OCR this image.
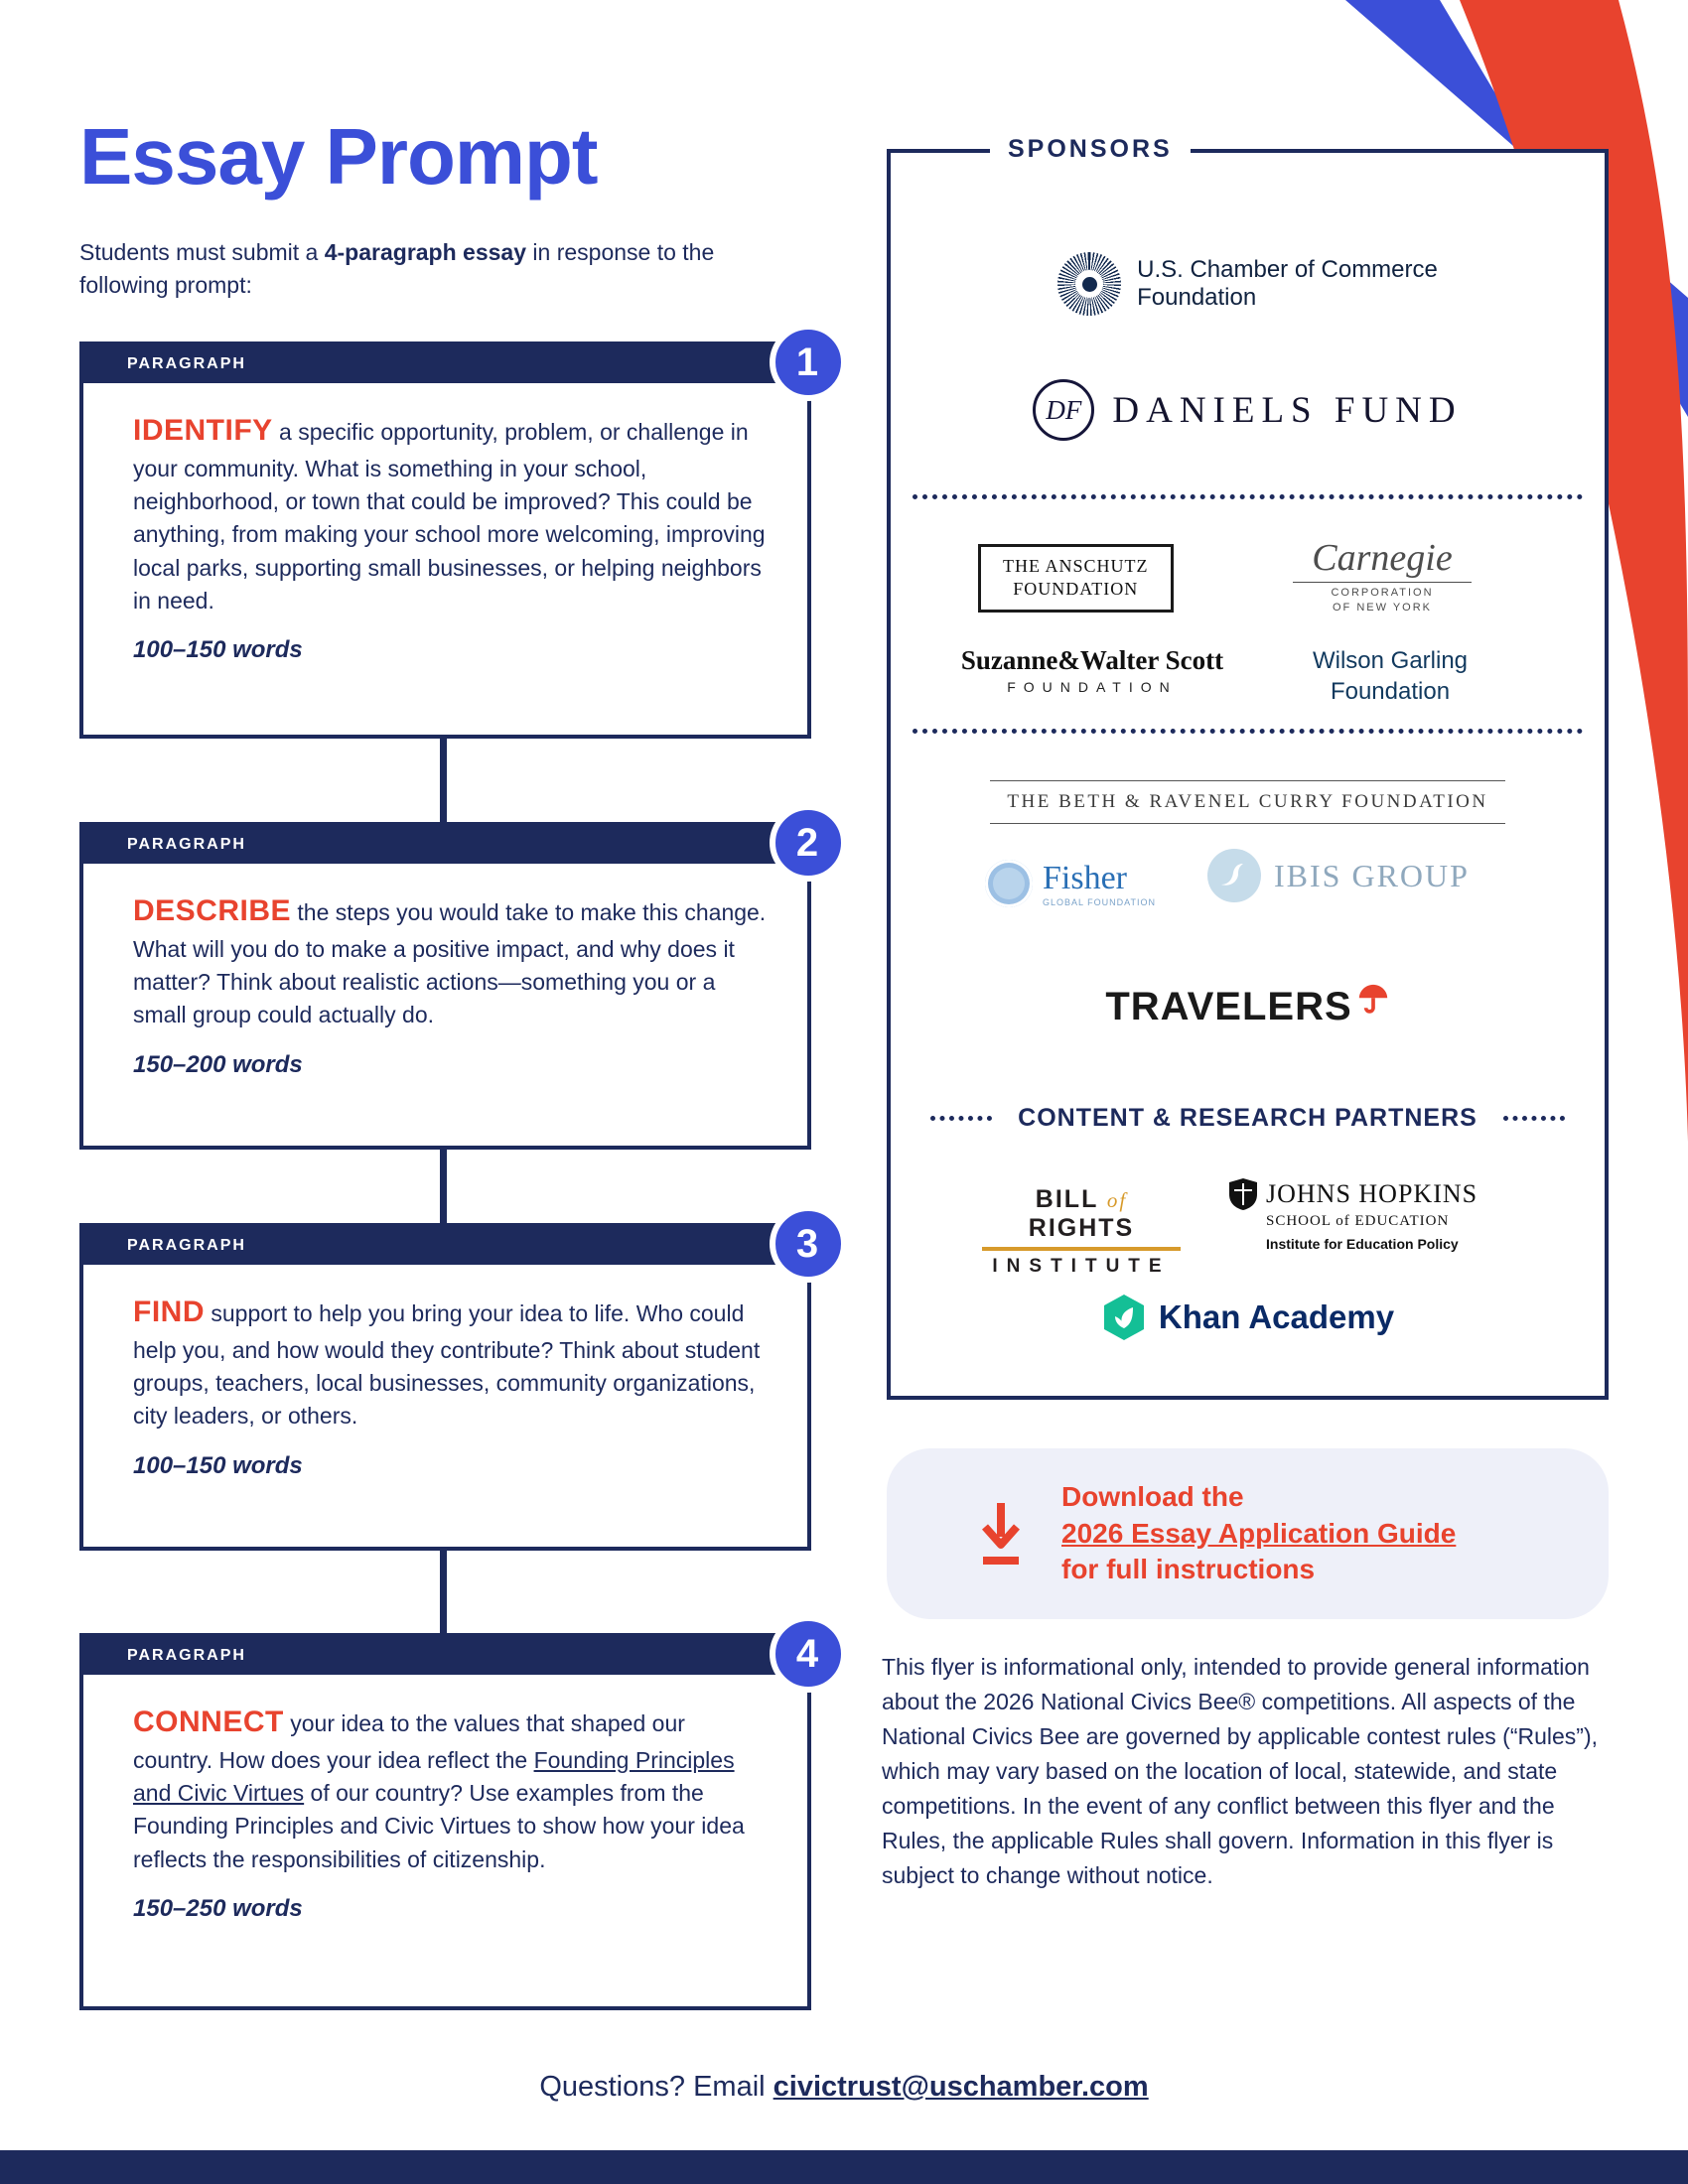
Essay Prompt
Students must submit a 4-paragraph essay in response to the following prompt:
PARAGRAPH	1
IDENTIFY a specific opportunity, problem, or challenge in your community. What is something in your school, neighborhood, or town that could be improved? This could be anything, from making your school more welcoming, improving local parks, supporting small businesses, or helping neighbors in need.
100–150 words
PARAGRAPH	2
DESCRIBE the steps you would take to make this change. What will you do to make a positive impact, and why does it matter? Think about realistic actions—something you or a small group could actually do.
150–200 words
PARAGRAPH	3
FIND support to help you bring your idea to life. Who could help you, and how would they contribute? Think about student groups, teachers, local businesses, community organizations, city leaders, or others.
100–150 words
PARAGRAPH	4
CONNECT your idea to the values that shaped our country. How does your idea reflect the Founding Principles and Civic Virtues of our country? Use examples from the Founding Principles and Civic Virtues to show how your idea reflects the responsibilities of citizenship.
150–250 words
SPONSORS
U.S. Chamber of Commerce
Foundation
DF DANIELS FUND
THE ANSCHUTZ
FOUNDATION
Carnegie
CORPORATION
OF NEW YORK
Suzanne&Walter Scott
FOUNDATION
Wilson Garling
Foundation
THE BETH & RAVENEL CURRY FOUNDATION
Fisher
GLOBAL FOUNDATION
IBIS GROUP
TRAVELERS
CONTENT & RESEARCH PARTNERS
BILL of RIGHTS
INSTITUTE
JOHNS HOPKINS
SCHOOL of EDUCATION
Institute for Education Policy
Khan Academy
Download the
2026 Essay Application Guide
for full instructions
This flyer is informational only, intended to provide general information about the 2026 National Civics Bee® competitions. All aspects of the National Civics Bee are governed by applicable contest rules (“Rules”), which may vary based on the location of local, statewide, and state competitions. In the event of any conflict between this flyer and the Rules, the applicable Rules shall govern. Information in this flyer is subject to change without notice.
Questions? Email civictrust@uschamber.com
